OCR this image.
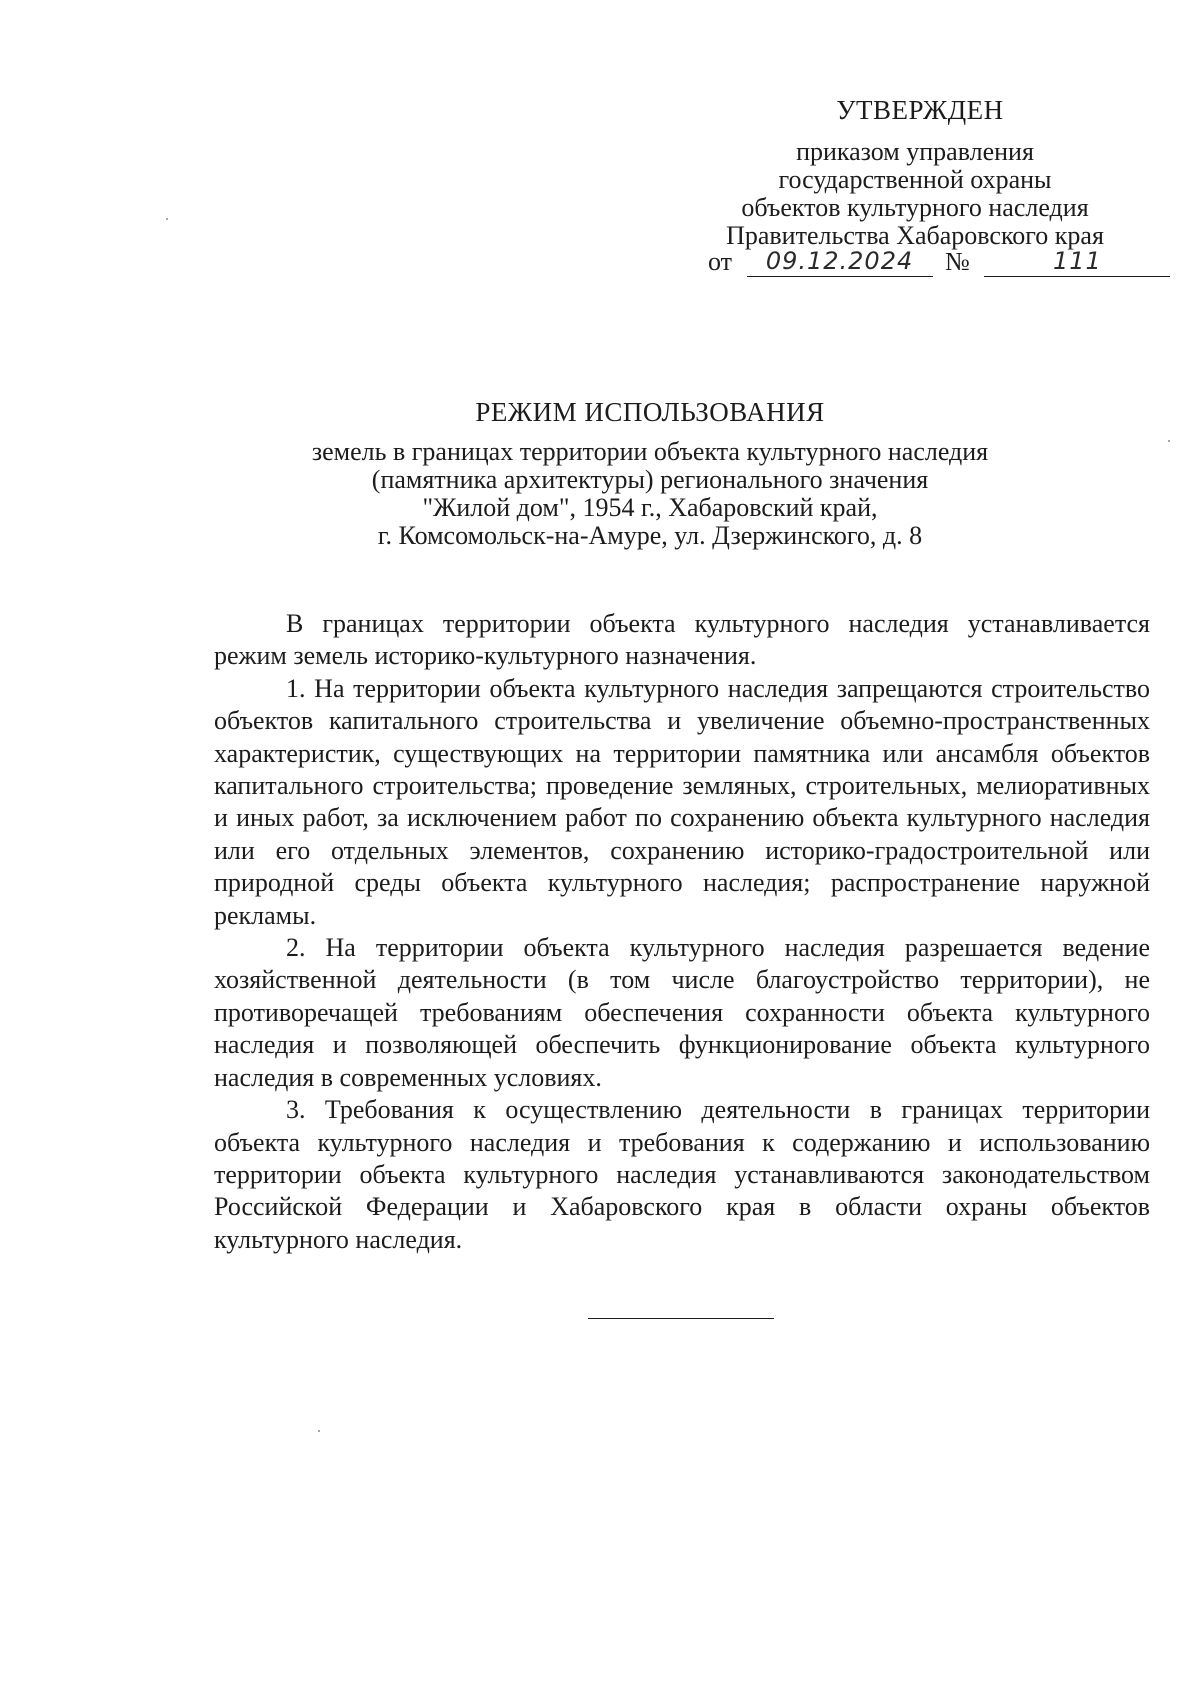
УТВЕРЖДЕН
приказом управления
государственной охраны
объектов культурного наследия
Правительства Хабаровского края
от 09.12.2024 №	111
РЕЖИМ ИСПОЛЬЗОВАНИЯ
земель в границах территории объекта культурного наследия
(памятника архитектуры) регионального значения
"Жилой дом", 1954 г., Хабаровский край,
г. Комсомольск-на-Амуре, ул. Дзержинского, д. 8

В границах территории объекта культурного наследия устанавливается режим земель историко-культурного назначения.

1. На территории объекта культурного наследия запрещаются строительство объектов капитального строительства и увеличение объемно-пространственных характеристик, существующих на территории памятника или ансамбля объектов капитального строительства; проведение земляных, строительных, мелиоративных и иных работ, за исключением работ по сохранению объекта культурного наследия или его отдельных элементов, сохранению историко-градостроительной или природной среды объекта культурного наследия; распространение наружной рекламы.

2. На территории объекта культурного наследия разрешается ведение хозяйственной деятельности (в том числе благоустройство территории), не противоречащей требованиям обеспечения сохранности объекта культурного наследия и позволяющей обеспечить функционирование объекта культурного наследия в современных условиях.

3. Требования к осуществлению деятельности в границах территории объекта культурного наследия и требования к содержанию и использованию территории объекта культурного наследия устанавливаются законодательством Российской Федерации и Хабаровского края в области охраны объектов культурного наследия.
